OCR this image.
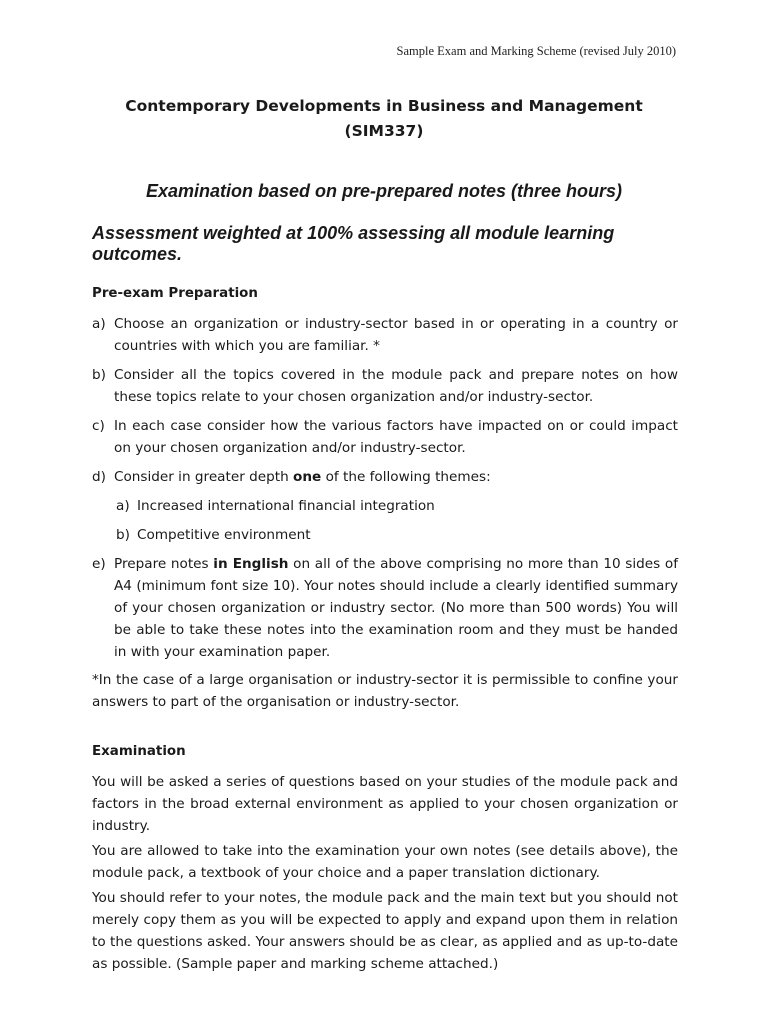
Sample Exam and Marking Scheme (revised July 2010)
Contemporary Developments in Business and Management
(SIM337)
Examination based on pre-prepared notes (three hours)
Assessment weighted at 100% assessing all module learning outcomes.
Pre-exam Preparation
a) Choose an organization or industry-sector based in or operating in a country or countries with which you are familiar. *
b) Consider all the topics covered in the module pack and prepare notes on how these topics relate to your chosen organization and/or industry-sector.
c) In each case consider how the various factors have impacted on or could impact on your chosen organization and/or industry-sector.
d) Consider in greater depth one of the following themes:
a) Increased international financial integration
b) Competitive environment
e) Prepare notes in English on all of the above comprising no more than 10 sides of A4 (minimum font size 10). Your notes should include a clearly identified summary of your chosen organization or industry sector. (No more than 500 words) You will be able to take these notes into the examination room and they must be handed in with your examination paper.
*In the case of a large organisation or industry-sector it is permissible to confine your answers to part of the organisation or industry-sector.
Examination
You will be asked a series of questions based on your studies of the module pack and factors in the broad external environment as applied to your chosen organization or industry.
You are allowed to take into the examination your own notes (see details above), the module pack, a textbook of your choice and a paper translation dictionary.
You should refer to your notes, the module pack and the main text but you should not merely copy them as you will be expected to apply and expand upon them in relation to the questions asked. Your answers should be as clear, as applied and as up-to-date as possible. (Sample paper and marking scheme attached.)
